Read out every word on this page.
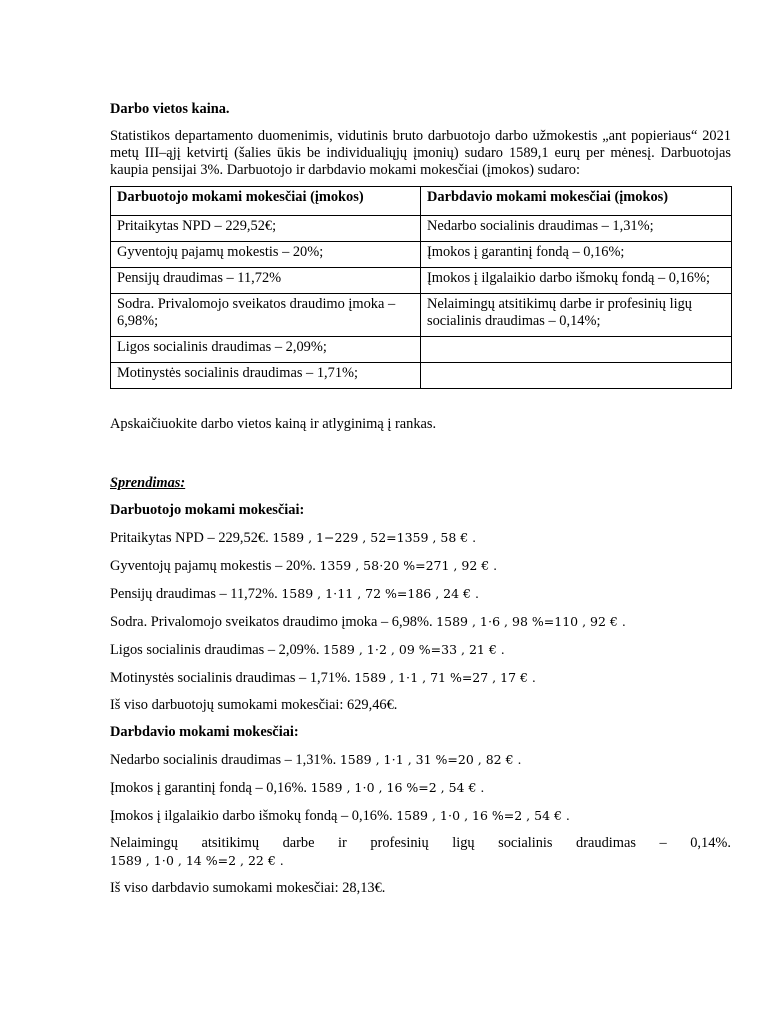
Darbo vietos kaina.

Statistikos departamento duomenimis, vidutinis bruto darbuotojo darbo užmokestis „ant popieriaus“ 2021 metų III–ąjį ketvirtį (šalies ūkis be individualiųjų įmonių) sudaro 1589,1 eurų per mėnesį. Darbuotojas kaupia pensijai 3%. Darbuotojo ir darbdavio mokami mokesčiai (įmokos) sudaro:

Darbuotojo mokami mokesčiai (įmokos)	Darbdavio mokami mokesčiai (įmokos)
Pritaikytas NPD – 229,52€;	Nedarbo socialinis draudimas – 1,31%;
Gyventojų pajamų mokestis – 20%;	Įmokos į garantinį fondą – 0,16%;
Pensijų draudimas – 11,72%	Įmokos į ilgalaikio darbo išmokų fondą – 0,16%;
Sodra. Privalomojo sveikatos draudimo įmoka – 6,98%;	Nelaimingų atsitikimų darbe ir profesinių ligų socialinis draudimas – 0,14%;
Ligos socialinis draudimas – 2,09%;	
Motinystės socialinis draudimas – 1,71%;	

Apskaičiuokite darbo vietos kainą ir atlyginimą į rankas.

Sprendimas:

Darbuotojo mokami mokesčiai:

Pritaikytas NPD – 229,52€. 1589 , 1−229 , 52=1359 , 58 € .

Gyventojų pajamų mokestis – 20%. 1359 , 58⋅20 %=271 , 92 € .

Pensijų draudimas – 11,72%. 1589 , 1⋅11 , 72 %=186 , 24 € .

Sodra. Privalomojo sveikatos draudimo įmoka – 6,98%. 1589 , 1⋅6 , 98 %=110 , 92 € .

Ligos socialinis draudimas – 2,09%. 1589 , 1⋅2 , 09 %=33 , 21 € .

Motinystės socialinis draudimas – 1,71%. 1589 , 1⋅1 , 71 %=27 , 17 € .

Iš viso darbuotojų sumokami mokesčiai: 629,46€.

Darbdavio mokami mokesčiai:

Nedarbo socialinis draudimas – 1,31%. 1589 , 1⋅1 , 31 %=20 , 82 € .

Įmokos į garantinį fondą – 0,16%. 1589 , 1⋅0 , 16 %=2 , 54 € .

Įmokos į ilgalaikio darbo išmokų fondą – 0,16%. 1589 , 1⋅0 , 16 %=2 , 54 € .

Nelaimingų atsitikimų darbe ir profesinių ligų socialinis draudimas – 0,14%.
1589 , 1⋅0 , 14 %=2 , 22 € .

Iš viso darbdavio sumokami mokesčiai: 28,13€.
